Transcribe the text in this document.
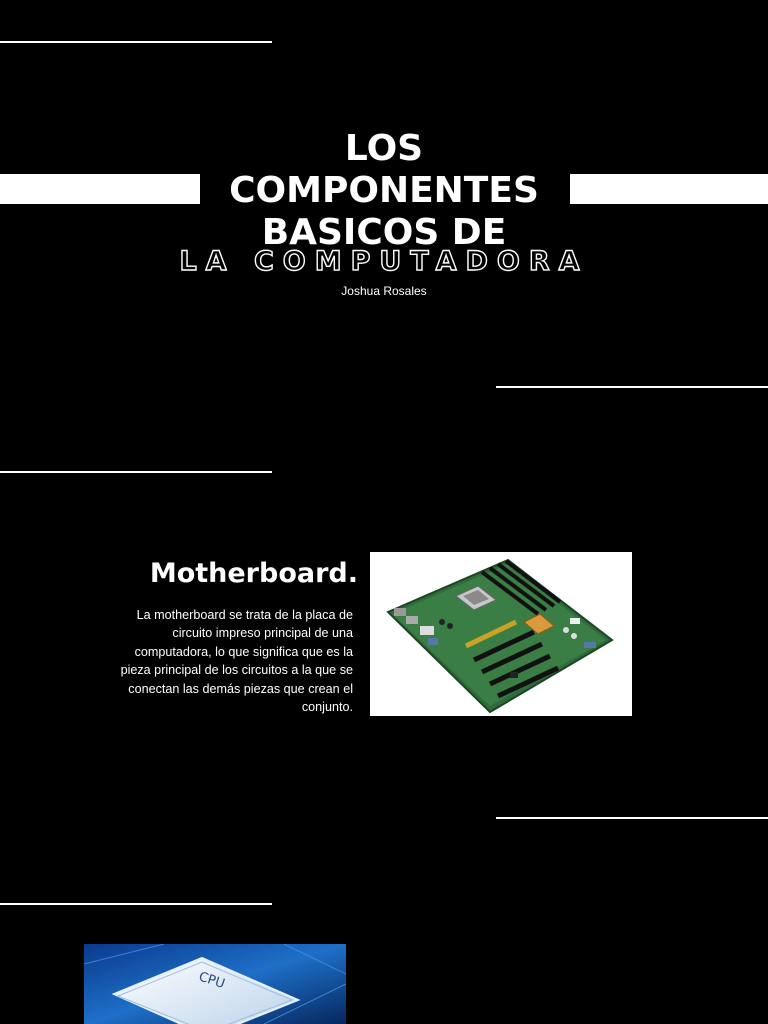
LOS
COMPONENTES
BASICOS DE
LA COMPUTADORA
Joshua Rosales
Motherboard.

La motherboard se trata de la placa de circuito impreso principal de una computadora, lo que significa que es la pieza principal de los circuitos a la que se conectan las demás piezas que crean el conjunto.

CPU
